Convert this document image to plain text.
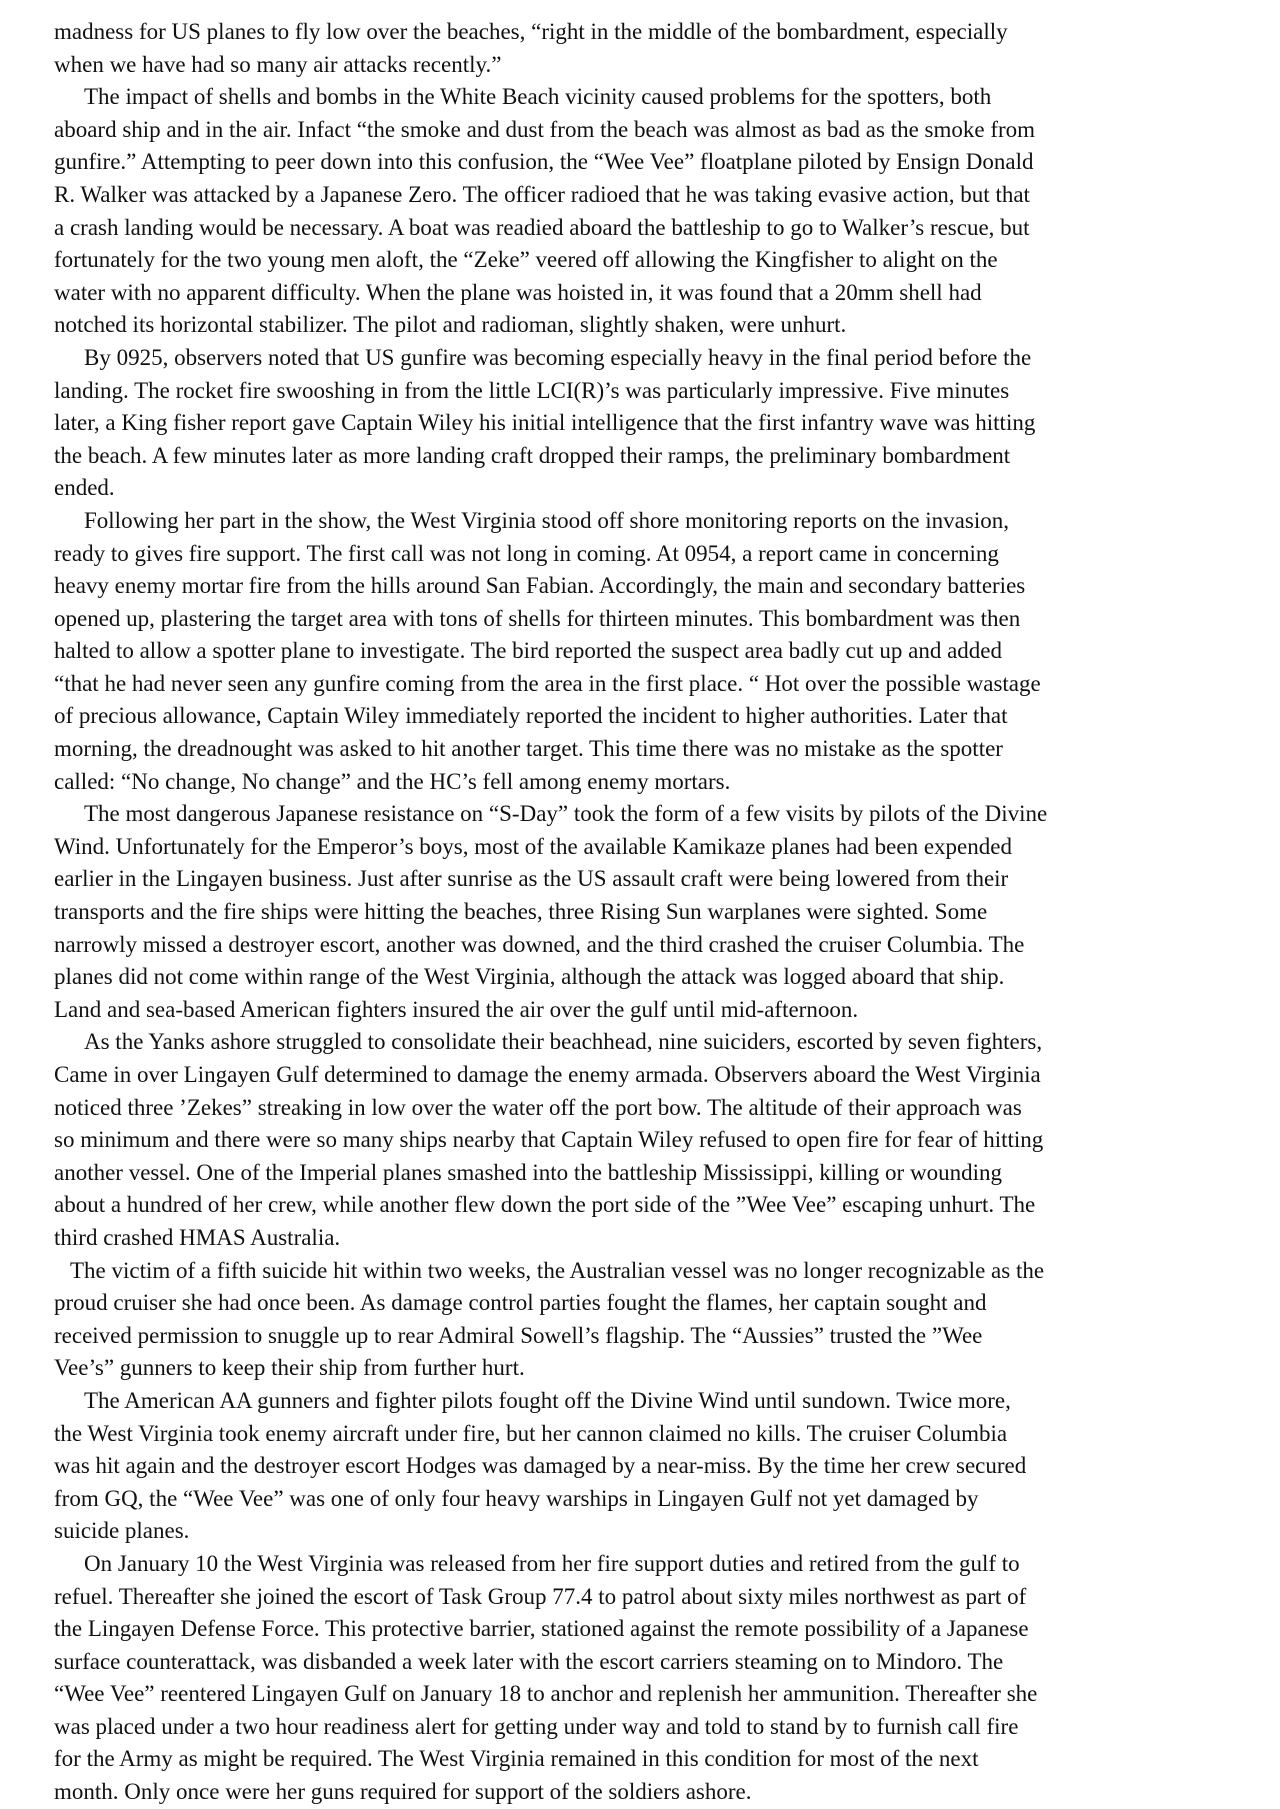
madness for US planes to fly low over the beaches, “right in the middle of the bombardment, especially
when we have had so many air attacks recently.”
The impact of shells and bombs in the White Beach vicinity caused problems for the spotters, both
aboard ship and in the air. Infact “the smoke and dust from the beach was almost as bad as the smoke from
gunfire.” Attempting to peer down into this confusion, the “Wee Vee” floatplane piloted by Ensign Donald
R. Walker was attacked by a Japanese Zero. The officer radioed that he was taking evasive action, but that
a crash landing would be necessary. A boat was readied aboard the battleship to go to Walker’s rescue, but
fortunately for the two young men aloft, the “Zeke” veered off allowing the Kingfisher to alight on the
water with no apparent difficulty. When the plane was hoisted in, it was found that a 20mm shell had
notched its horizontal stabilizer. The pilot and radioman, slightly shaken, were unhurt.
By 0925, observers noted that US gunfire was becoming especially heavy in the final period before the
landing. The rocket fire swooshing in from the little LCI(R)’s was particularly impressive. Five minutes
later, a King fisher report gave Captain Wiley his initial intelligence that the first infantry wave was hitting
the beach. A few minutes later as more landing craft dropped their ramps, the preliminary bombardment
ended.
Following her part in the show, the West Virginia stood off shore monitoring reports on the invasion,
ready to gives fire support. The first call was not long in coming. At 0954, a report came in concerning
heavy enemy mortar fire from the hills around San Fabian. Accordingly, the main and secondary batteries
opened up, plastering the target area with tons of shells for thirteen minutes. This bombardment was then
halted to allow a spotter plane to investigate. The bird reported the suspect area badly cut up and added
“that he had never seen any gunfire coming from the area in the first place. “ Hot over the possible wastage
of precious allowance, Captain Wiley immediately reported the incident to higher authorities. Later that
morning, the dreadnought was asked to hit another target. This time there was no mistake as the spotter
called: “No change, No change” and the HC’s fell among enemy mortars.
The most dangerous Japanese resistance on “S-Day” took the form of a few visits by pilots of the Divine
Wind. Unfortunately for the Emperor’s boys, most of the available Kamikaze planes had been expended
earlier in the Lingayen business. Just after sunrise as the US assault craft were being lowered from their
transports and the fire ships were hitting the beaches, three Rising Sun warplanes were sighted. Some
narrowly missed a destroyer escort, another was downed, and the third crashed the cruiser Columbia. The
planes did not come within range of the West Virginia, although the attack was logged aboard that ship.
Land and sea-based American fighters insured the air over the gulf until mid-afternoon.
As the Yanks ashore struggled to consolidate their beachhead, nine suiciders, escorted by seven fighters,
Came in over Lingayen Gulf determined to damage the enemy armada. Observers aboard the West Virginia
noticed three ’Zekes” streaking in low over the water off the port bow. The altitude of their approach was
so minimum and there were so many ships nearby that Captain Wiley refused to open fire for fear of hitting
another vessel. One of the Imperial planes smashed into the battleship Mississippi, killing or wounding
about a hundred of her crew, while another flew down the port side of the ”Wee Vee” escaping unhurt. The
third crashed HMAS Australia.
The victim of a fifth suicide hit within two weeks, the Australian vessel was no longer recognizable as the
proud cruiser she had once been. As damage control parties fought the flames, her captain sought and
received permission to snuggle up to rear Admiral Sowell’s flagship. The “Aussies” trusted the ”Wee
Vee’s” gunners to keep their ship from further hurt.
The American AA gunners and fighter pilots fought off the Divine Wind until sundown. Twice more,
the West Virginia took enemy aircraft under fire, but her cannon claimed no kills. The cruiser Columbia
was hit again and the destroyer escort Hodges was damaged by a near-miss. By the time her crew secured
from GQ, the “Wee Vee” was one of only four heavy warships in Lingayen Gulf not yet damaged by
suicide planes.
On January 10 the West Virginia was released from her fire support duties and retired from the gulf to
refuel. Thereafter she joined the escort of Task Group 77.4 to patrol about sixty miles northwest as part of
the Lingayen Defense Force. This protective barrier, stationed against the remote possibility of a Japanese
surface counterattack, was disbanded a week later with the escort carriers steaming on to Mindoro. The
“Wee Vee” reentered Lingayen Gulf on January 18 to anchor and replenish her ammunition. Thereafter she
was placed under a two hour readiness alert for getting under way and told to stand by to furnish call fire
for the Army as might be required. The West Virginia remained in this condition for most of the next
month. Only once were her guns required for support of the soldiers ashore.
